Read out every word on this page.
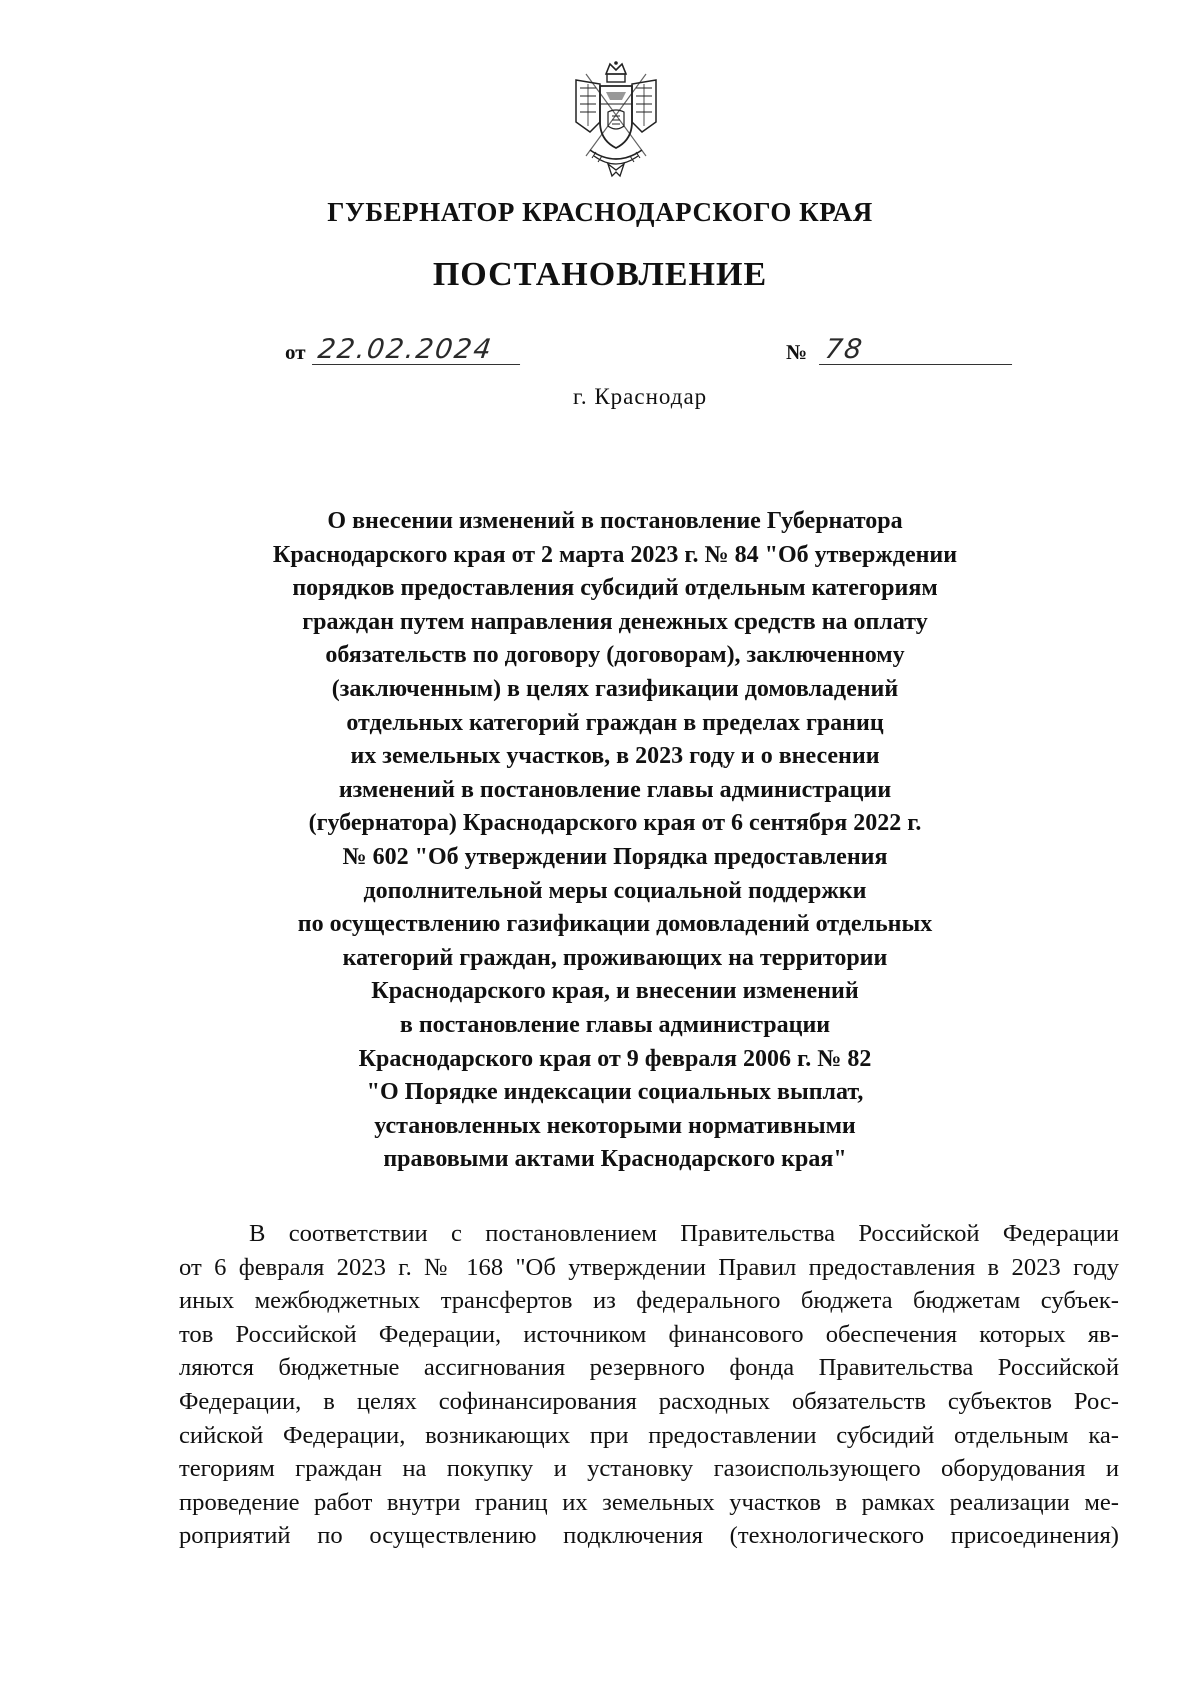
ГУБЕРНАТОР КРАСНОДАРСКОГО КРАЯ
ПОСТАНОВЛЕНИЕ
от 22.02.2024	№ 78

г. Краснодар

О внесении изменений в постановление Губернатора
Краснодарского края от 2 марта 2023 г. № 84 "Об утверждении
порядков предоставления субсидий отдельным категориям
граждан путем направления денежных средств на оплату
обязательств по договору (договорам), заключенному
(заключенным) в целях газификации домовладений
отдельных категорий граждан в пределах границ
их земельных участков, в 2023 году и о внесении
изменений в постановление главы администрации
(губернатора) Краснодарского края от 6 сентября 2022 г.
№ 602 "Об утверждении Порядка предоставления
дополнительной меры социальной поддержки
по осуществлению газификации домовладений отдельных
категорий граждан, проживающих на территории
Краснодарского края, и внесении изменений
в постановление главы администрации
Краснодарского края от 9 февраля 2006 г. № 82
"О Порядке индексации социальных выплат,
установленных некоторыми нормативными
правовыми актами Краснодарского края"
В соответствии с постановлением Правительства Российской Федерации
от 6 февраля 2023 г. № 168 "Об утверждении Правил предоставления в 2023 году
иных межбюджетных трансфертов из федерального бюджета бюджетам субъек-
тов Российской Федерации, источником финансового обеспечения которых яв-
ляются бюджетные ассигнования резервного фонда Правительства Российской
Федерации, в целях софинансирования расходных обязательств субъектов Рос-
сийской Федерации, возникающих при предоставлении субсидий отдельным ка-
тегориям граждан на покупку и установку газоиспользующего оборудования и
проведение работ внутри границ их земельных участков в рамках реализации ме-
роприятий по осуществлению подключения (технологического присоединения)
